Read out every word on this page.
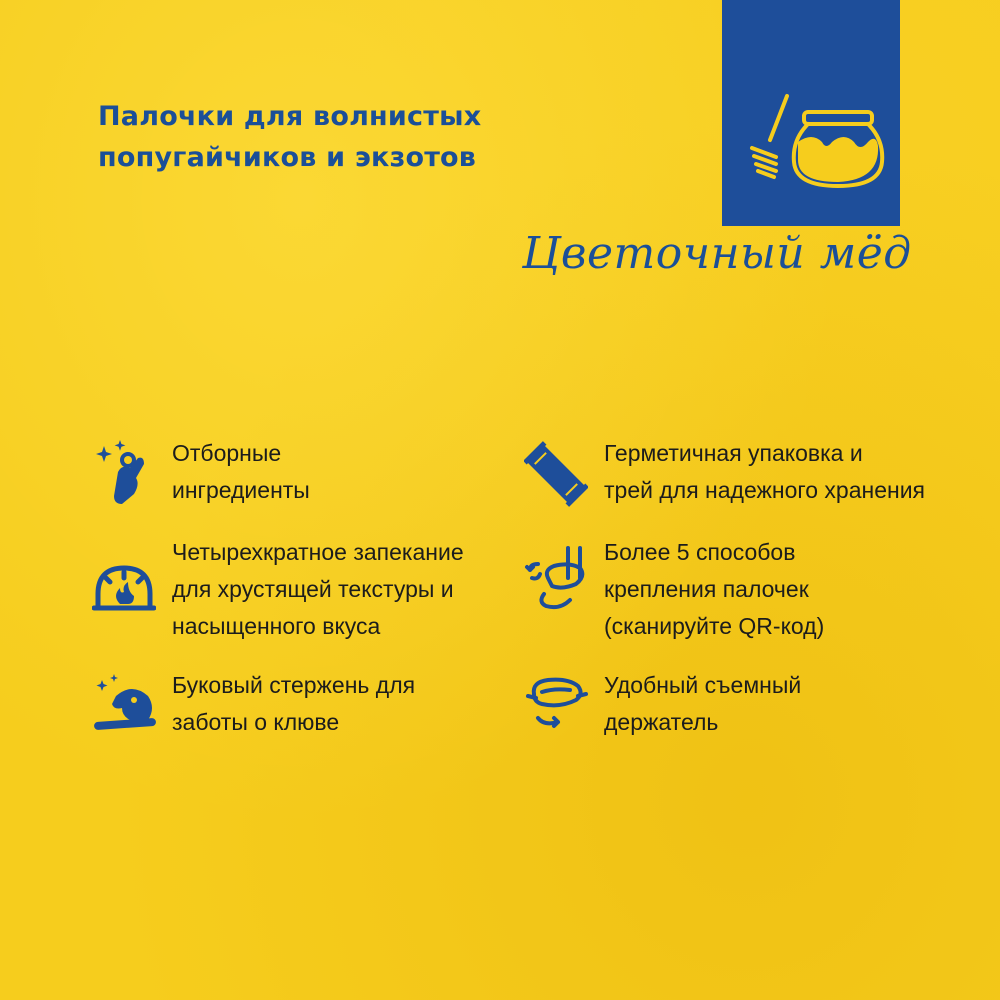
Палочки для волнистых
попугайчиков и экзотов
Цветочный мёд

Отборные
ингредиенты

Четырехкратное запекание
для хрустящей текстуры и
насыщенного вкуса

Буковый стержень для
заботы о клюве

Герметичная упаковка и
трей для надежного хранения

Более 5 способов
крепления палочек
(сканируйте QR-код)

Удобный съемный
держатель
